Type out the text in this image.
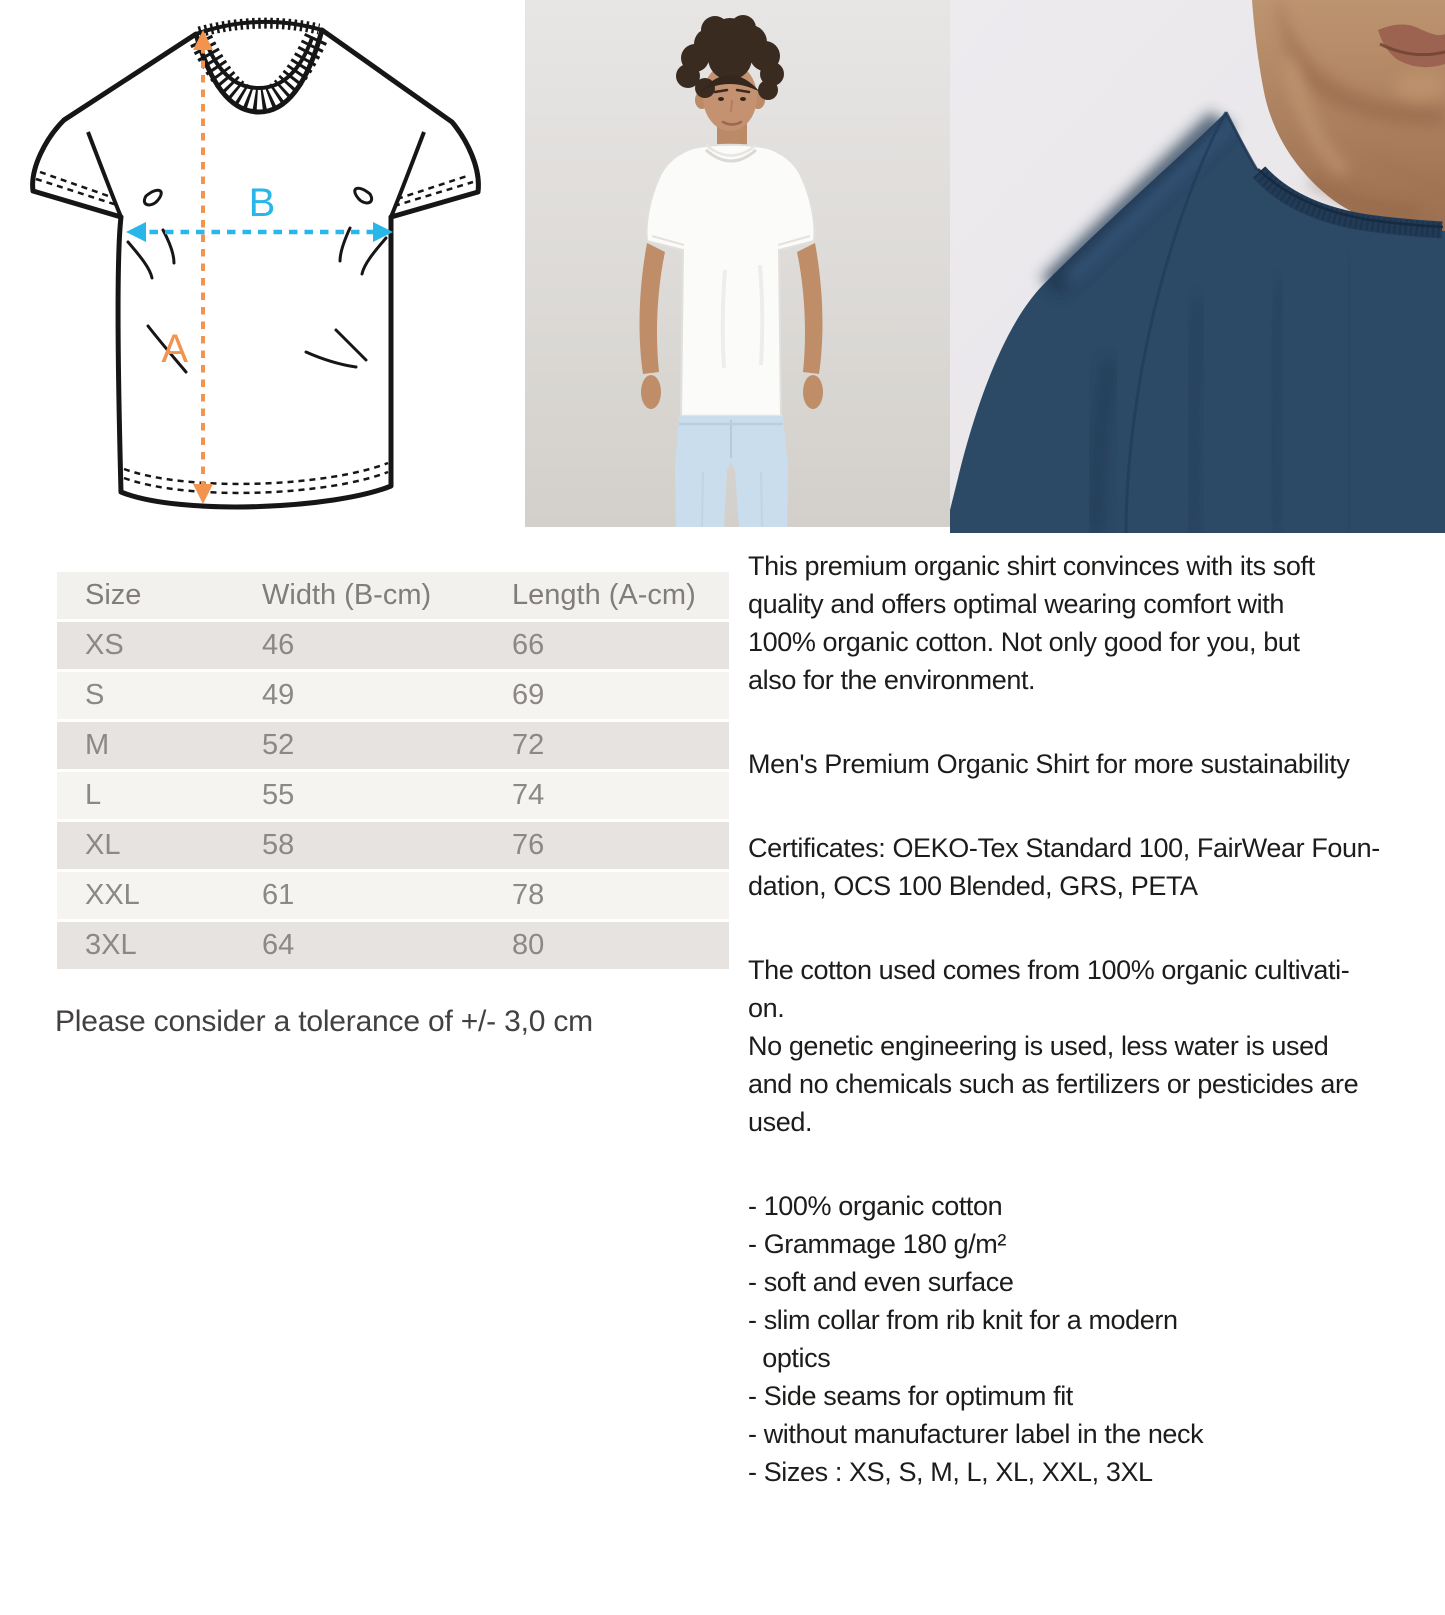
A
B
Size	Width (B-cm)	Length (A-cm)
XS	46	66
S	49	69
M	52	72
L	55	74
XL	58	76
XXL	61	78
3XL	64	80
Please consider a tolerance of +/- 3,0 cm
This premium organic shirt convinces with its soft
quality and offers optimal wearing comfort with
100% organic cotton. Not only good for you, but
also for the environment.
Men's Premium Organic Shirt for more sustainability
Certificates: OEKO-Tex Standard 100, FairWear Foun-
dation, OCS 100 Blended, GRS, PETA
The cotton used comes from 100% organic cultivati-
on.
No genetic engineering is used, less water is used
and no chemicals such as fertilizers or pesticides are
used.
- 100% organic cotton
- Grammage 180 g/m²
- soft and even surface
- slim collar from rib knit for a modern
optics
- Side seams for optimum fit
- without manufacturer label in the neck
- Sizes : XS, S, M, L, XL, XXL, 3XL
